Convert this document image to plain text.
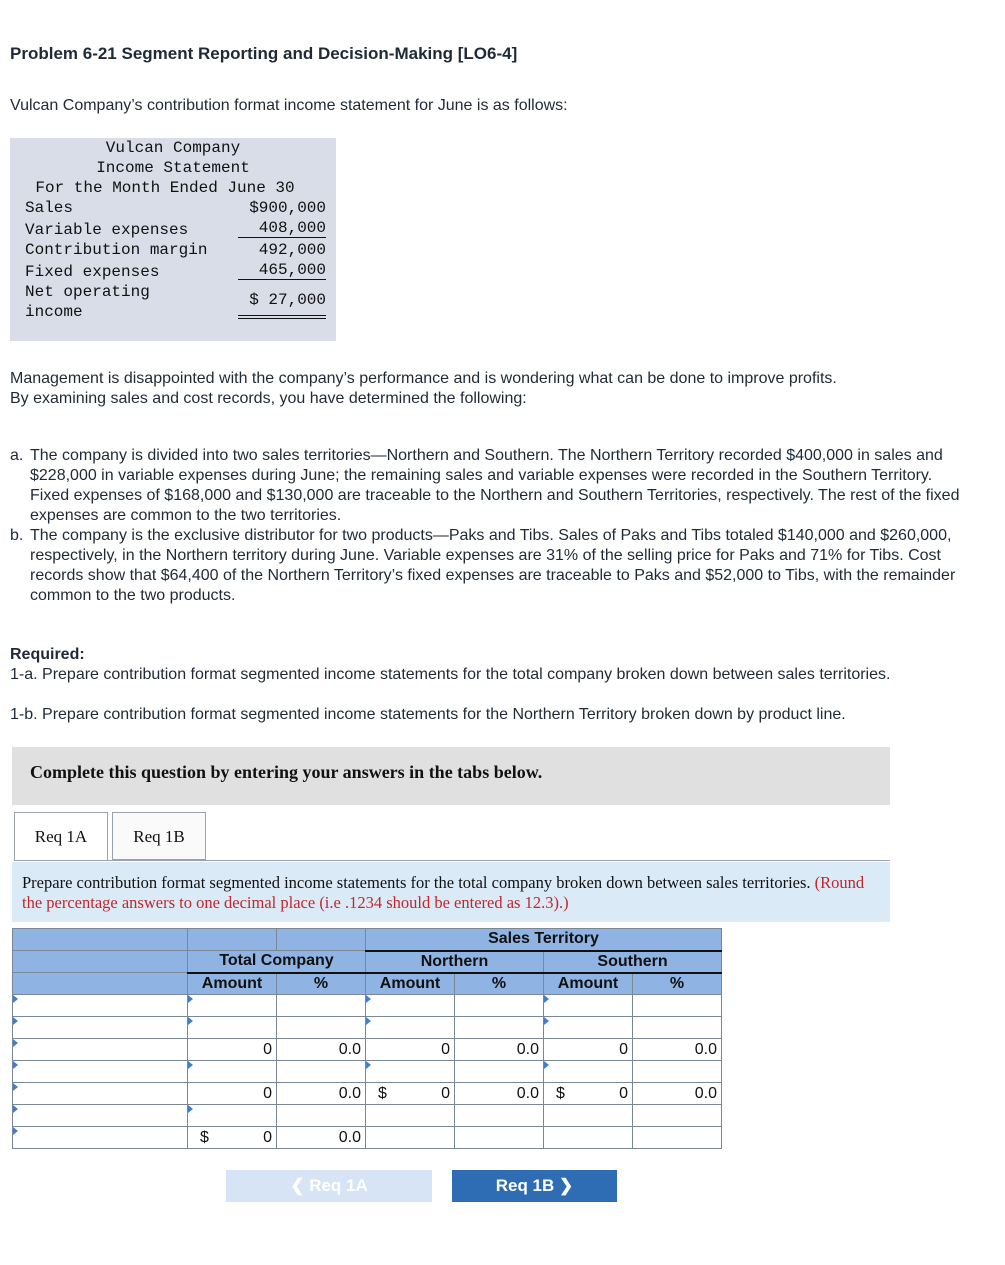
Problem 6-21 Segment Reporting and Decision-Making [LO6-4]
Vulcan Company’s contribution format income statement for June is as follows:
Vulcan Company
Income Statement
For the Month Ended June 30
Sales	$900,000
Variable expenses	408,000
Contribution margin	492,000
Fixed expenses	465,000
Net operating
income
$ 27,000
Management is disappointed with the company’s performance and is wondering what can be done to improve profits.
By examining sales and cost records, you have determined the following:
a. The company is divided into two sales territories—Northern and Southern. The Northern Territory recorded $400,000 in sales and $228,000 in variable expenses during June; the remaining sales and variable expenses were recorded in the Southern Territory. Fixed expenses of $168,000 and $130,000 are traceable to the Northern and Southern Territories, respectively. The rest of the fixed expenses are common to the two territories.
b. The company is the exclusive distributor for two products—Paks and Tibs. Sales of Paks and Tibs totaled $140,000 and $260,000, respectively, in the Northern territory during June. Variable expenses are 31% of the selling price for Paks and 71% for Tibs. Cost records show that $64,400 of the Northern Territory’s fixed expenses are traceable to Paks and $52,000 to Tibs, with the remainder common to the two products.
Required:
1-a. Prepare contribution format segmented income statements for the total company broken down between sales territories.
1-b. Prepare contribution format segmented income statements for the Northern Territory broken down by product line.
Complete this question by entering your answers in the tabs below.
Req 1A	Req 1B
Prepare contribution format segmented income statements for the total company broken down between sales territories. (Round the percentage answers to one decimal place (i.e .1234 should be entered as 12.3).)
			Sales Territory			
	Total Company		Northern		Southern	
	Amount	%	Amount	%	Amount	%

	0	0.0	0	0.0	0	0.0

	0	0.0	$ 0	0.0	$ 0	0.0

	$ 0	0.0				
❮ Req 1A	Req 1B ❯
